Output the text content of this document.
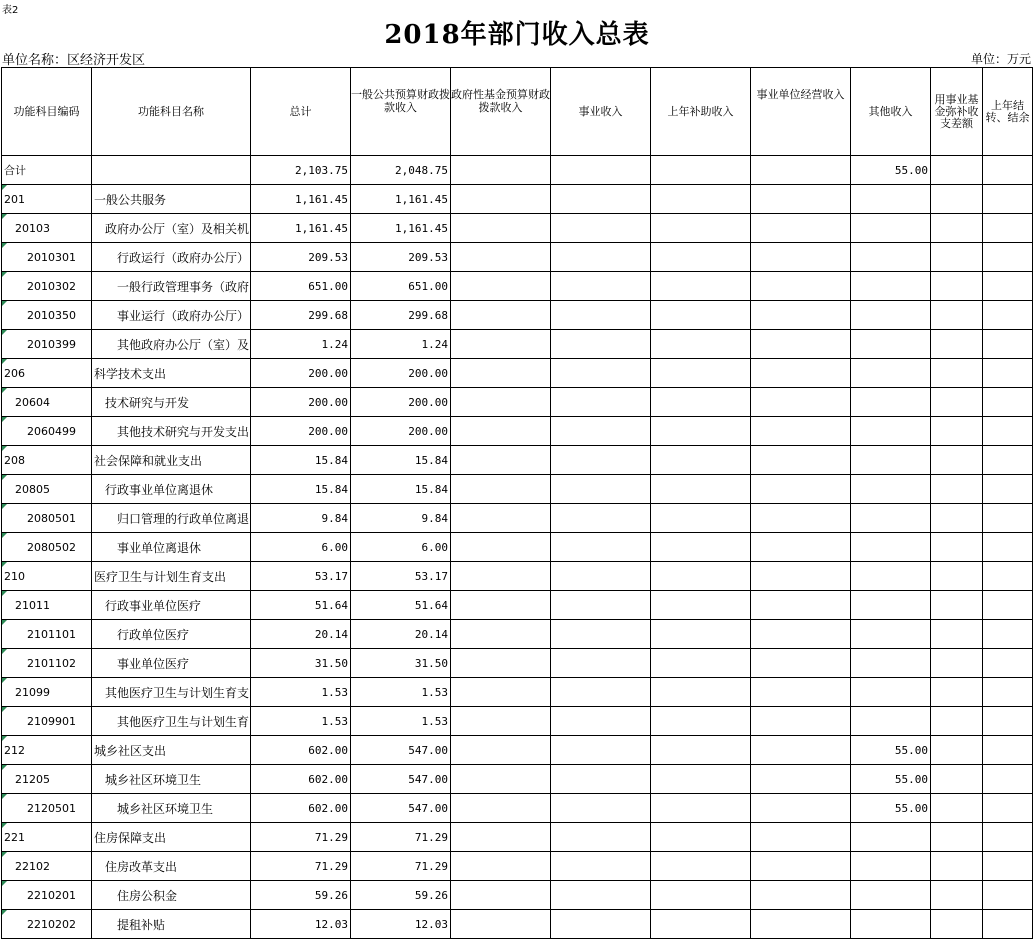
表2
2018年部门收入总表
单位名称：区经济开发区	单位：万元
功能科目编码	功能科目名称	总计	一般公共预算财政拨款收入	政府性基金预算财政拨款收入	事业收入	上年补助收入	事业单位经营收入	其他收入	用事业基金弥补收支差额	上年结转、结余
合计		2,103.75	2,048.75					55.00		

201	一般公共服务	1,161.45	1,161.45							

20103	政府办公厅（室）及相关机	1,161.45	1,161.45							

2010301	行政运行（政府办公厅）	209.53	209.53							

2010302	一般行政管理事务（政府	651.00	651.00							

2010350	事业运行（政府办公厅）	299.68	299.68							

2010399	其他政府办公厅（室）及	1.24	1.24							

206	科学技术支出	200.00	200.00							

20604	技术研究与开发	200.00	200.00							

2060499	其他技术研究与开发支出	200.00	200.00							

208	社会保障和就业支出	15.84	15.84							

20805	行政事业单位离退休	15.84	15.84							

2080501	归口管理的行政单位离退	9.84	9.84							

2080502	事业单位离退休	6.00	6.00							

210	医疗卫生与计划生育支出	53.17	53.17							

21011	行政事业单位医疗	51.64	51.64							

2101101	行政单位医疗	20.14	20.14							

2101102	事业单位医疗	31.50	31.50							

21099	其他医疗卫生与计划生育支	1.53	1.53							

2109901	其他医疗卫生与计划生育	1.53	1.53							

212	城乡社区支出	602.00	547.00					55.00		

21205	城乡社区环境卫生	602.00	547.00					55.00		

2120501	城乡社区环境卫生	602.00	547.00					55.00		

221	住房保障支出	71.29	71.29							

22102	住房改革支出	71.29	71.29							

2210201	住房公积金	59.26	59.26							

2210202	提租补贴	12.03	12.03							
